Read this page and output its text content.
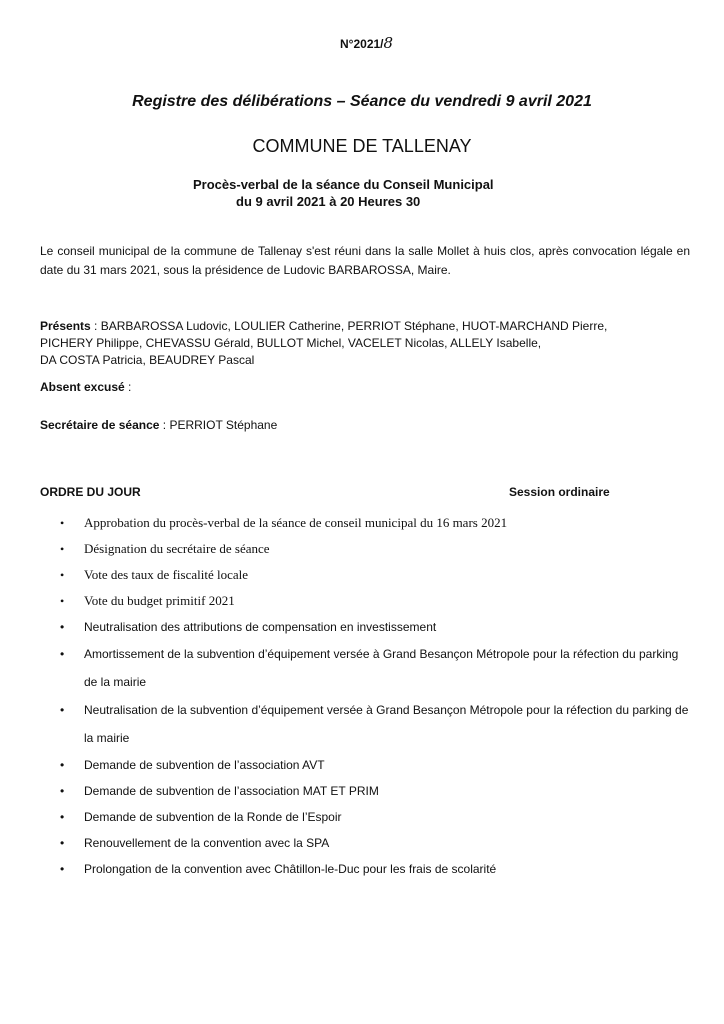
N°2021/8
Registre des délibérations – Séance du vendredi 9 avril 2021
COMMUNE DE TALLENAY
Procès-verbal de la séance du Conseil Municipal
du 9 avril 2021 à 20 Heures 30
Le conseil municipal de la commune de Tallenay s'est réuni dans la salle Mollet à huis clos, après convocation légale en date du 31 mars 2021, sous la présidence de Ludovic BARBAROSSA, Maire.
Présents : BARBAROSSA Ludovic, LOULIER Catherine, PERRIOT Stéphane, HUOT-MARCHAND Pierre,
PICHERY Philippe, CHEVASSU Gérald, BULLOT Michel, VACELET Nicolas, ALLELY Isabelle,
DA COSTA Patricia, BEAUDREY Pascal
Absent excusé :
Secrétaire de séance : PERRIOT Stéphane
ORDRE DU JOUR	Session ordinaire
• Approbation du procès-verbal de la séance de conseil municipal du 16 mars 2021
• Désignation du secrétaire de séance
• Vote des taux de fiscalité locale
• Vote du budget primitif 2021
• Neutralisation des attributions de compensation en investissement
• Amortissement de la subvention d’équipement versée à Grand Besançon Métropole pour la réfection du parking de la mairie
• Neutralisation de la subvention d’équipement versée à Grand Besançon Métropole pour la réfection du parking de la mairie
• Demande de subvention de l’association AVT
• Demande de subvention de l’association MAT ET PRIM
• Demande de subvention de la Ronde de l’Espoir
• Renouvellement de la convention avec la SPA
• Prolongation de la convention avec Châtillon-le-Duc pour les frais de scolarité
